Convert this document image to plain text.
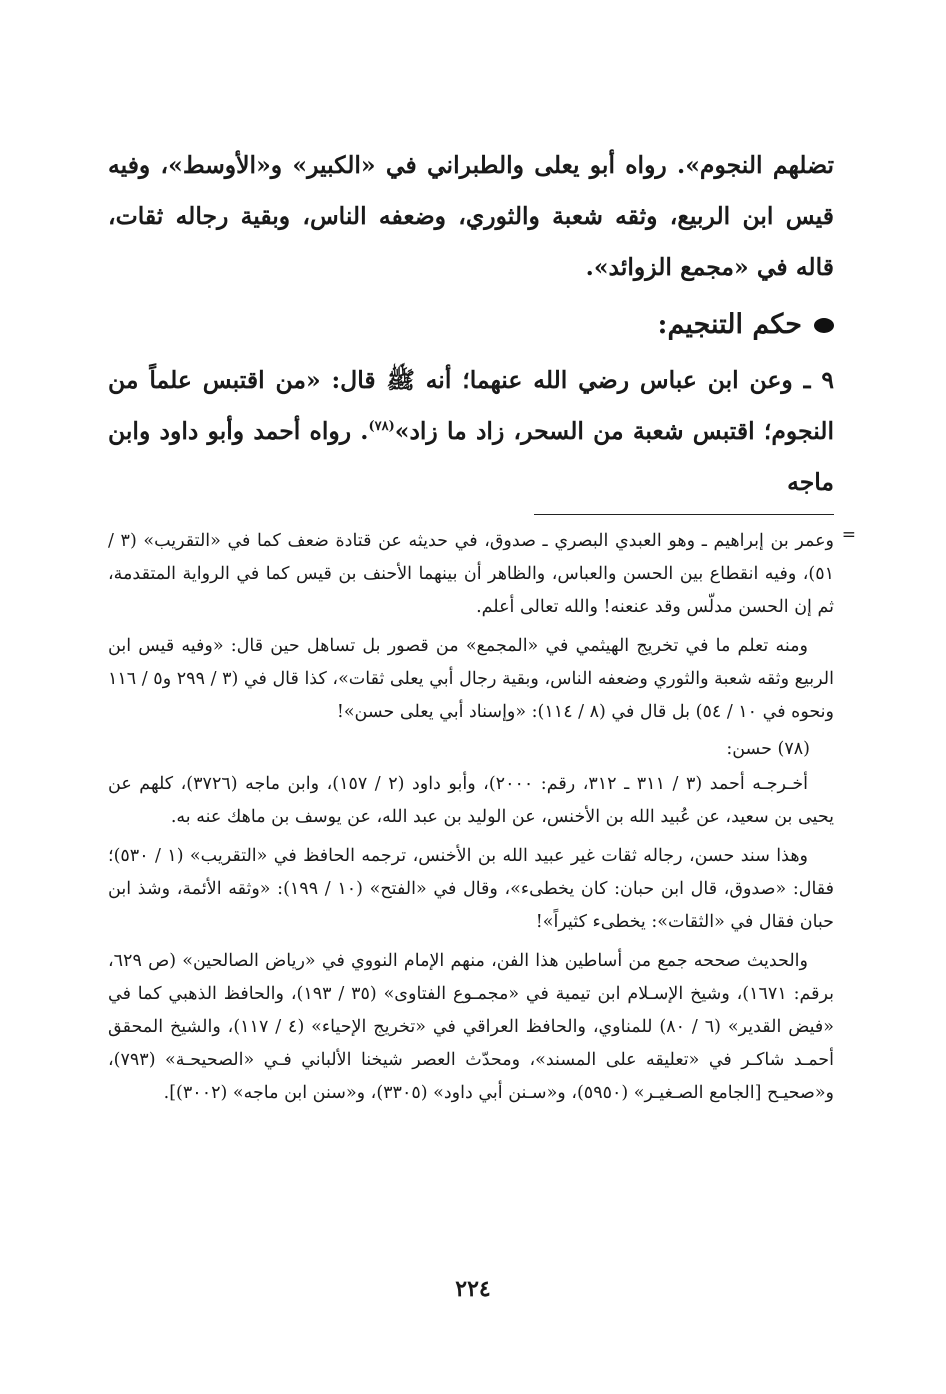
تضلهم النجوم». رواه أبو يعلى والطبراني في «الكبير» و«الأوسط»، وفيه قيس ابن الربيع، وثقه شعبة والثوري، وضعفه الناس، وبقية رجاله ثقات، قاله في «مجمع الزوائد».

حكم التنجيم:

٩ ـ وعن ابن عباس رضي الله عنهما؛ أنه ﷺ قال: «من اقتبس علماً من النجوم؛ اقتبس شعبة من السحر، زاد ما زاد»$^{(٧٨)}$. رواه أحمد وأبو داود وابن ماجه

=

وعمر بن إبراهيم ـ وهو العبدي البصري ـ صدوق، في حديثه عن قتادة ضعف كما في «التقريب» (٣ / ٥١)، وفيه انقطاع بين الحسن والعباس، والظاهر أن بينهما الأحنف بن قيس كما في الرواية المتقدمة، ثم إن الحسن مدلّس وقد عنعنه! والله تعالى أعلم.

ومنه تعلم ما في تخريج الهيثمي في «المجمع» من قصور بل تساهل حين قال: «وفيه قيس ابن الربيع وثقه شعبة والثوري وضعفه الناس، وبقية رجال أبي يعلى ثقات»، كذا قال في (٣ / ٢٩٩ و٥ / ١١٦ ونحوه في ١٠ / ٥٤) بل قال في (٨ / ١١٤): «وإسناد أبي يعلى حسن»!

(٧٨) حسن:

أخـرجـه أحمد (٣ / ٣١١ ـ ٣١٢، رقم: ٢٠٠٠)، وأبو داود (٢ / ١٥٧)، وابن ماجه (٣٧٢٦)، كلهم عن يحيى بن سعيد، عن عُبيد الله بن الأخنس، عن الوليد بن عبد الله، عن يوسف بن ماهك عنه به.

وهذا سند حسن، رجاله ثقات غير عبيد الله بن الأخنس، ترجمه الحافظ في «التقريب» (١ / ٥٣٠)؛ فقال: «صدوق، قال ابن حبان: كان يخطىء»، وقال في «الفتح» (١٠ / ١٩٩): «وثقه الأئمة، وشذ ابن حبان فقال في «الثقات»: يخطىء كثيراً»!

والحديث صححه جمع من أساطين هذا الفن، منهم الإمام النووي في «رياض الصالحين» (ص ٦٢٩، برقم: ١٦٧١)، وشيخ الإسـلام ابن تيمية في «مجمـوع الفتاوى» (٣٥ / ١٩٣)، والحافظ الذهبي كما في «فيض القدير» (٦ / ٨٠) للمناوي، والحافظ العراقي في «تخريج الإحياء» (٤ / ١١٧)، والشيخ المحقق أحمـد شاكـر في «تعليقه على المسند»، ومحدّث العصر شيخنا الألباني فـي «الصحيحـة» (٧٩٣)، و«صحيـح [الجامع الصـغيـر» (٥٩٥٠)، و«سـنن أبي داود» (٣٣٠٥)، و«سنن ابن ماجه» (٣٠٠٢)].

٢٢٤
